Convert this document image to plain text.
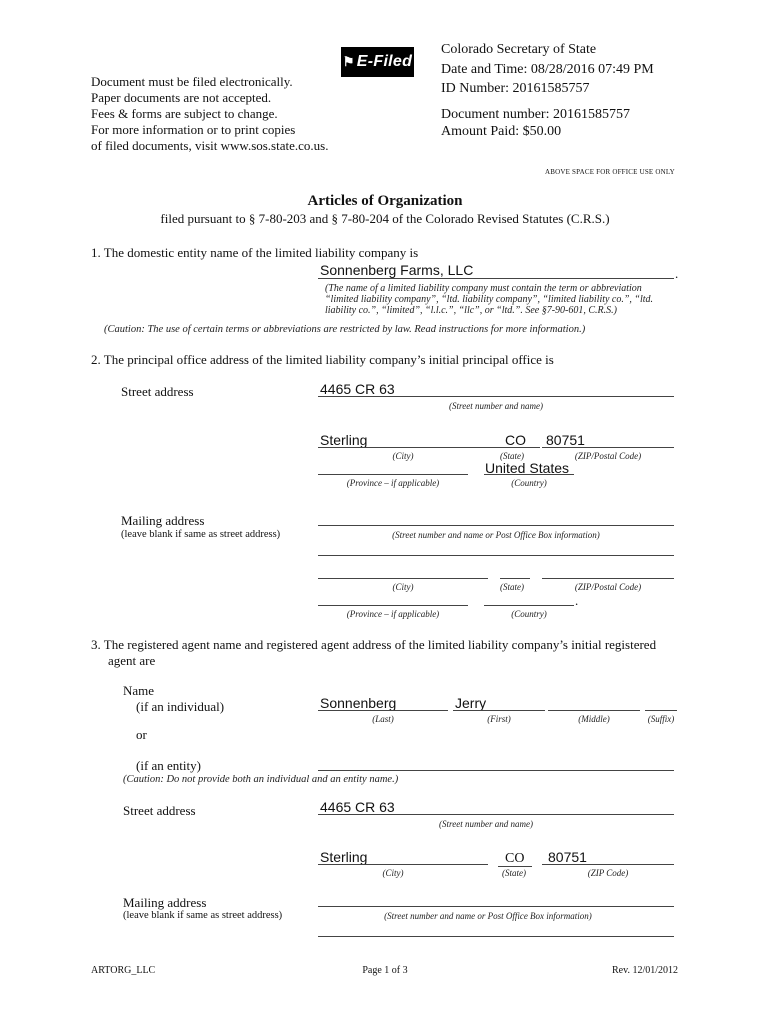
⚑ E-Filed
Document must be filed electronically.
Paper documents are not accepted.
Fees & forms are subject to change.
For more information or to print copies
of filed documents, visit www.sos.state.co.us.
Colorado Secretary of State
Date and Time: 08/28/2016 07:49 PM
ID Number: 20161585757
Document number: 20161585757
Amount Paid: $50.00
ABOVE SPACE FOR OFFICE USE ONLY
Articles of Organization
filed pursuant to § 7-80-203 and § 7-80-204 of the Colorado Revised Statutes (C.R.S.)
1. The domestic entity name of the limited liability company is
Sonnenberg Farms, LLC	.
(The name of a limited liability company must contain the term or abbreviation
“limited liability company”, “ltd. liability company”, “limited liability co.”, “ltd.
liability co.”, “limited”, “l.l.c.”, “llc”, or “ltd.”. See §7-90-601, C.R.S.)
(Caution: The use of certain terms or abbreviations are restricted by law. Read instructions for more information.)
2. The principal office address of the limited liability company’s initial principal office is
Street address	4465 CR 63
(Street number and name)
Sterling	CO 80751
(City)	(State)	(ZIP/Postal Code)
United States
(Province – if applicable)	(Country)
Mailing address
(leave blank if same as street address)	(Street number and name or Post Office Box information)
(City)	(State)	(ZIP/Postal Code)
.
(Province – if applicable)	(Country)
3. The registered agent name and registered agent address of the limited liability company’s initial registered
agent are
Name
(if an individual)	Sonnenberg	Jerry
(Last)	(First)	(Middle)	(Suffix)
or
(if an entity)
(Caution: Do not provide both an individual and an entity name.)
Street address	4465 CR 63
(Street number and name)
Sterling	CO 80751
(City)	(State)	(ZIP Code)
Mailing address
(leave blank if same as street address)	(Street number and name or Post Office Box information)
ARTORG_LLC	Page 1 of 3	Rev. 12/01/2012
